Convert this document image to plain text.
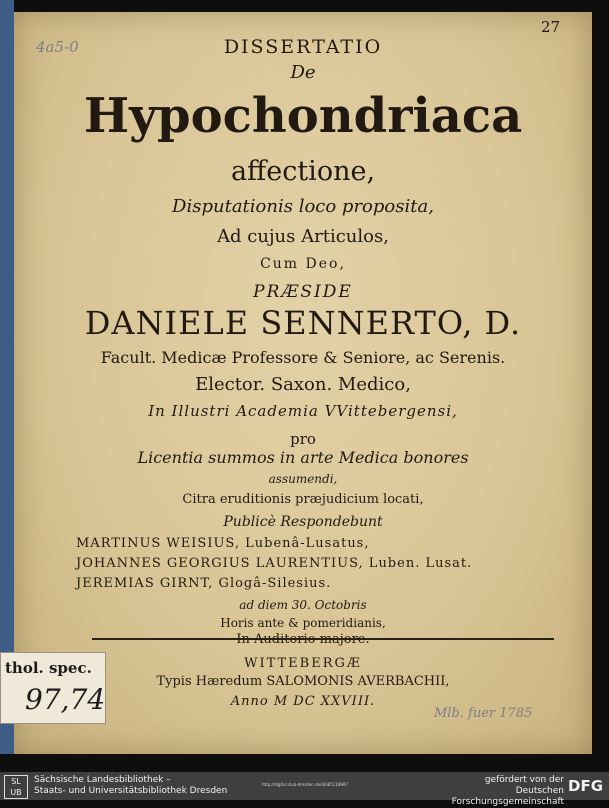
4a5-0
27
DISSERTATIO
De
Hypochondriaca
affectione,
Disputationis loco proposita,
Ad cujus Articulos,
Cum Deo,
PRÆSIDE
DANIELE SENNERTO, D.
Facult. Medicæ Professore & Seniore, ac Serenis.
Elector. Saxon. Medico,
In Illustri Academia VVittebergensi,
pro
Licentia summos in arte Medica bonores
assumendi,
Citra eruditionis præjudicium locati,
Publicè Respondebunt
MARTINUS WEISIUS, Lubenâ-Lusatus,
JOHANNES GEORGIUS LAURENTIUS, Luben. Lusat.
JEREMIAS GIRNT, Glogâ-Silesius.
ad diem 30. Octobris
Horis ante & pomeridianis,
WITTEBERGÆ
Typis Hæredum SALOMONIS AVERBACHII,
Anno M DC XXVIII.
Mlb. fuer 1785
thol. spec.
97,74
SL UB
Sächsische Landesbibliothek –
Staats- und Universitätsbibliothek Dresden
http://digital.slub-dresden.de/id385118987	gefördert von der
Deutschen Forschungsgemeinschaft
DFG
